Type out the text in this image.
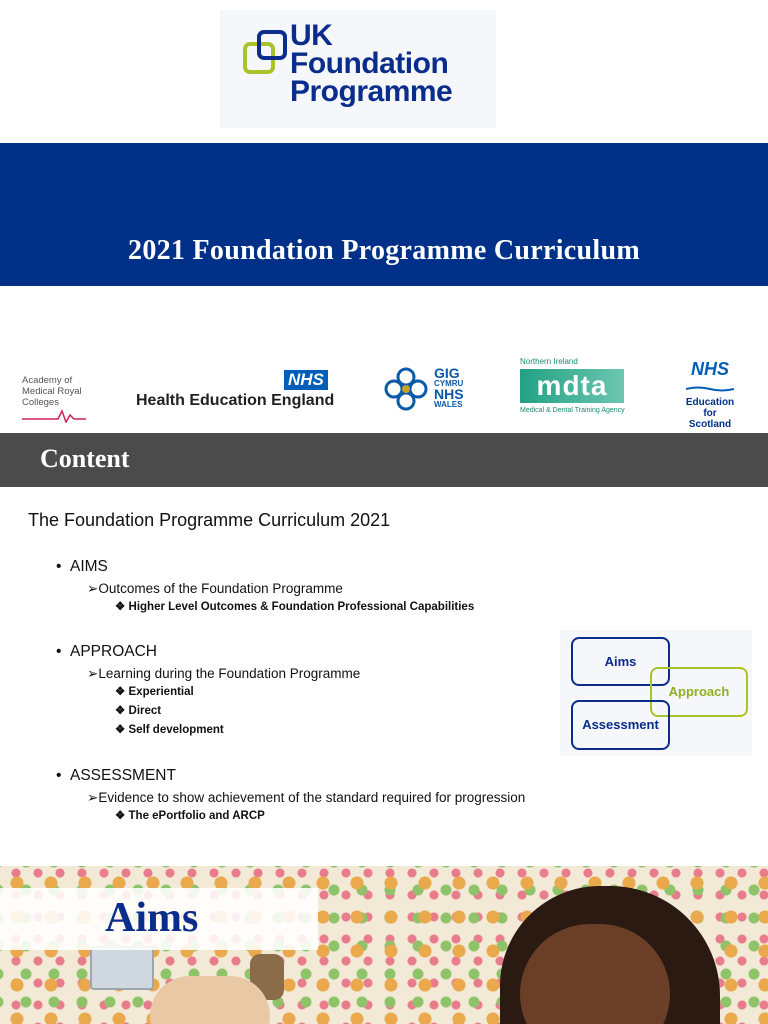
UK
Foundation
Programme
2021 Foundation Programme Curriculum
Academy of
Medical Royal
Colleges
NHS
Health Education England
GIG
CYMRU
NHS
WALES
Northern Ireland
mdta
Medical & Dental Training Agency
NHS
Education
for
Scotland
Content
The Foundation Programme Curriculum 2021
• AIMS
➢Outcomes of the Foundation Programme
❖ Higher Level Outcomes & Foundation Professional Capabilities
• APPROACH
➢Learning during the Foundation Programme
❖ Experiential
❖ Direct
❖ Self development
• ASSESSMENT
➢Evidence to show achievement of the standard required for progression
❖ The ePortfolio and ARCP
Aims
Approach
Assessment
Aims
